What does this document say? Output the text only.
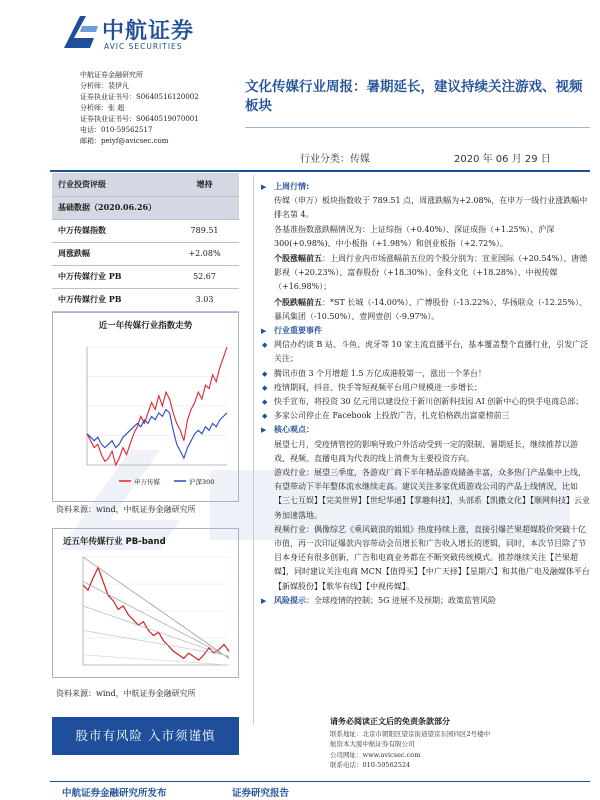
中航证券
AVIC SECURITIES
中航证券金融研究所
分析师：裴伊凡
证券执业证书号：S0640516120002
分析师：张 超
证券执业证书号：S0640519070001
电话：010-59562517
邮箱：peiyf@avicsec.com
文化传媒行业周报：暑期延长，建议持续关注游戏、视频板块
行业分类：传媒	2020 年 06 月 29 日
行业投资评级	增持
基础数据（2020.06.26）	
中万传媒指数	789.51
周涨跌幅	+2.08%
中万传媒行业 PB	52.67
中万传媒行业 PB	3.03
近一年传媒行业指数走势
申万传媒	沪深300
资料来源：wind，中航证券金融研究所
近五年传媒行业 PB-band
资料来源：wind，中航证券金融研究所
▶ 上周行情:
传媒（申万）板块指数收于 789.51 点，周涨跌幅为+2.08%，在申万一级行业涨跌幅中排名第 4。
各基准指数涨跌幅情况为：上证综指（+0.40%）、深证成指（+1.25%）、沪深 300(+0.98%)、中小板指（+1.98%）和创业板指（+2.72%）。
个股涨幅前五：上周行业内市场涨幅前五位的个股分别为：宣亚国际（+20.54%）、唐德影视（+20.23%）、富春股份（+18.30%）、金科文化（+18.28%）、中视传媒（+16.98%）；
个股跌幅前五：*ST 长城（-14.00%）、广博股份（-13.22%）、华扬联众（-12.25%）、暴风集团（-10.50%）、壹网壹创（-9.97%）。
▶ 行业重要事件
◆ 网信办约谈 B 站、斗鱼、虎牙等 10 家主流直播平台，基本覆盖整个直播行业，引发广泛关注；
◆ 腾讯市值 3 个月增超 1.5 万亿成港股第一，涨出一个茅台！
◆ 疫情期间，抖音、快手等短视频平台用户规模进一步增长；
◆ 快手宣布，将投资 30 亿元用以建设位于新川创新科技园 AI 创新中心的快手电商总部；
◆ 多家公司停止在 Facebook 上投放广告，扎克伯格跌出富豪榜前三
▶ 核心观点：
展望七月，受疫情管控的影响导致户外活动受到一定的限制、暑期延长，继续推荐以游戏、视频、直播电商为代表的线上消费为主要投资方向。
游戏行业：展望三季度，各游戏厂商下半年精品游戏储备丰富，众多热门产品集中上线，有望带动下半年整体流水继续走高。建议关注多家优质游戏公司的产品上线情况，比如【三七互娱】【完美世界】【世纪华通】【掌趣科技】，头部系【凯撒文化】【顺网科技】云业务加速落地。
视频行业：偶像综艺《乘风破浪的姐姐》热度持续上涨，直接引爆芒果超媒股价突破十亿市值，再一次印证爆款内容带动会员增长和广告收入增长的逻辑，同时，本次节目除了节目本身还有很多创新，广告和电商业务都在不断突破传统模式。推荐继续关注【芒果超媒】，同时建议关注电商 MCN【值得买】【中广天择】【星期六】和其他广电及融媒体平台【新媒股份】【歌华有线】【中视传媒】。
▶ 风险提示：全球疫情的控制；5G 进展不及预期；政策监管风险
股市有风险 入市须谨慎
请务必阅读正文后的免责条款部分
联系地址：北京市朝阳区望京街道望京东园四区2号楼中
航资本大厦中航证券有限公司
公司网址：www.avicsec.com
联系电话：010-59562524
中航证券金融研究所发布	证券研究报告
